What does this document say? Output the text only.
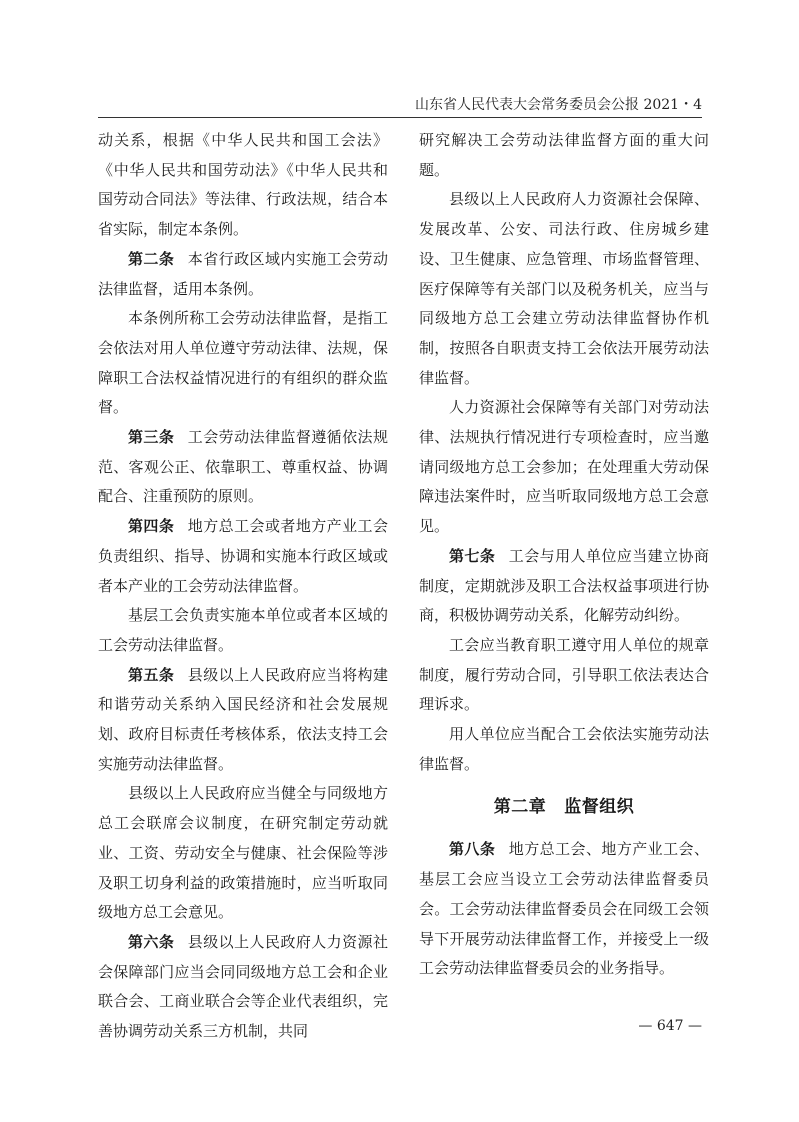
山东省人民代表大会常务委员会公报 2021・4

动关系，根据《中华人民共和国工会法》《中华人民共和国劳动法》《中华人民共和国劳动合同法》等法律、行政法规，结合本省实际，制定本条例。

第二条 本省行政区域内实施工会劳动法律监督，适用本条例。

本条例所称工会劳动法律监督，是指工会依法对用人单位遵守劳动法律、法规，保障职工合法权益情况进行的有组织的群众监督。

第三条 工会劳动法律监督遵循依法规范、客观公正、依靠职工、尊重权益、协调配合、注重预防的原则。

第四条 地方总工会或者地方产业工会负责组织、指导、协调和实施本行政区域或者本产业的工会劳动法律监督。

基层工会负责实施本单位或者本区域的工会劳动法律监督。

第五条 县级以上人民政府应当将构建和谐劳动关系纳入国民经济和社会发展规划、政府目标责任考核体系，依法支持工会实施劳动法律监督。

县级以上人民政府应当健全与同级地方总工会联席会议制度，在研究制定劳动就业、工资、劳动安全与健康、社会保险等涉及职工切身利益的政策措施时，应当听取同级地方总工会意见。

第六条 县级以上人民政府人力资源社会保障部门应当会同同级地方总工会和企业联合会、工商业联合会等企业代表组织，完善协调劳动关系三方机制，共同

研究解决工会劳动法律监督方面的重大问题。

县级以上人民政府人力资源社会保障、发展改革、公安、司法行政、住房城乡建设、卫生健康、应急管理、市场监督管理、医疗保障等有关部门以及税务机关，应当与同级地方总工会建立劳动法律监督协作机制，按照各自职责支持工会依法开展劳动法律监督。

人力资源社会保障等有关部门对劳动法律、法规执行情况进行专项检查时，应当邀请同级地方总工会参加；在处理重大劳动保障违法案件时，应当听取同级地方总工会意见。

第七条 工会与用人单位应当建立协商制度，定期就涉及职工合法权益事项进行协商，积极协调劳动关系，化解劳动纠纷。

工会应当教育职工遵守用人单位的规章制度，履行劳动合同，引导职工依法表达合理诉求。

用人单位应当配合工会依法实施劳动法律监督。

第二章 监督组织

第八条 地方总工会、地方产业工会、基层工会应当设立工会劳动法律监督委员会。工会劳动法律监督委员会在同级工会领导下开展劳动法律监督工作，并接受上一级工会劳动法律监督委员会的业务指导。

— 647 —
